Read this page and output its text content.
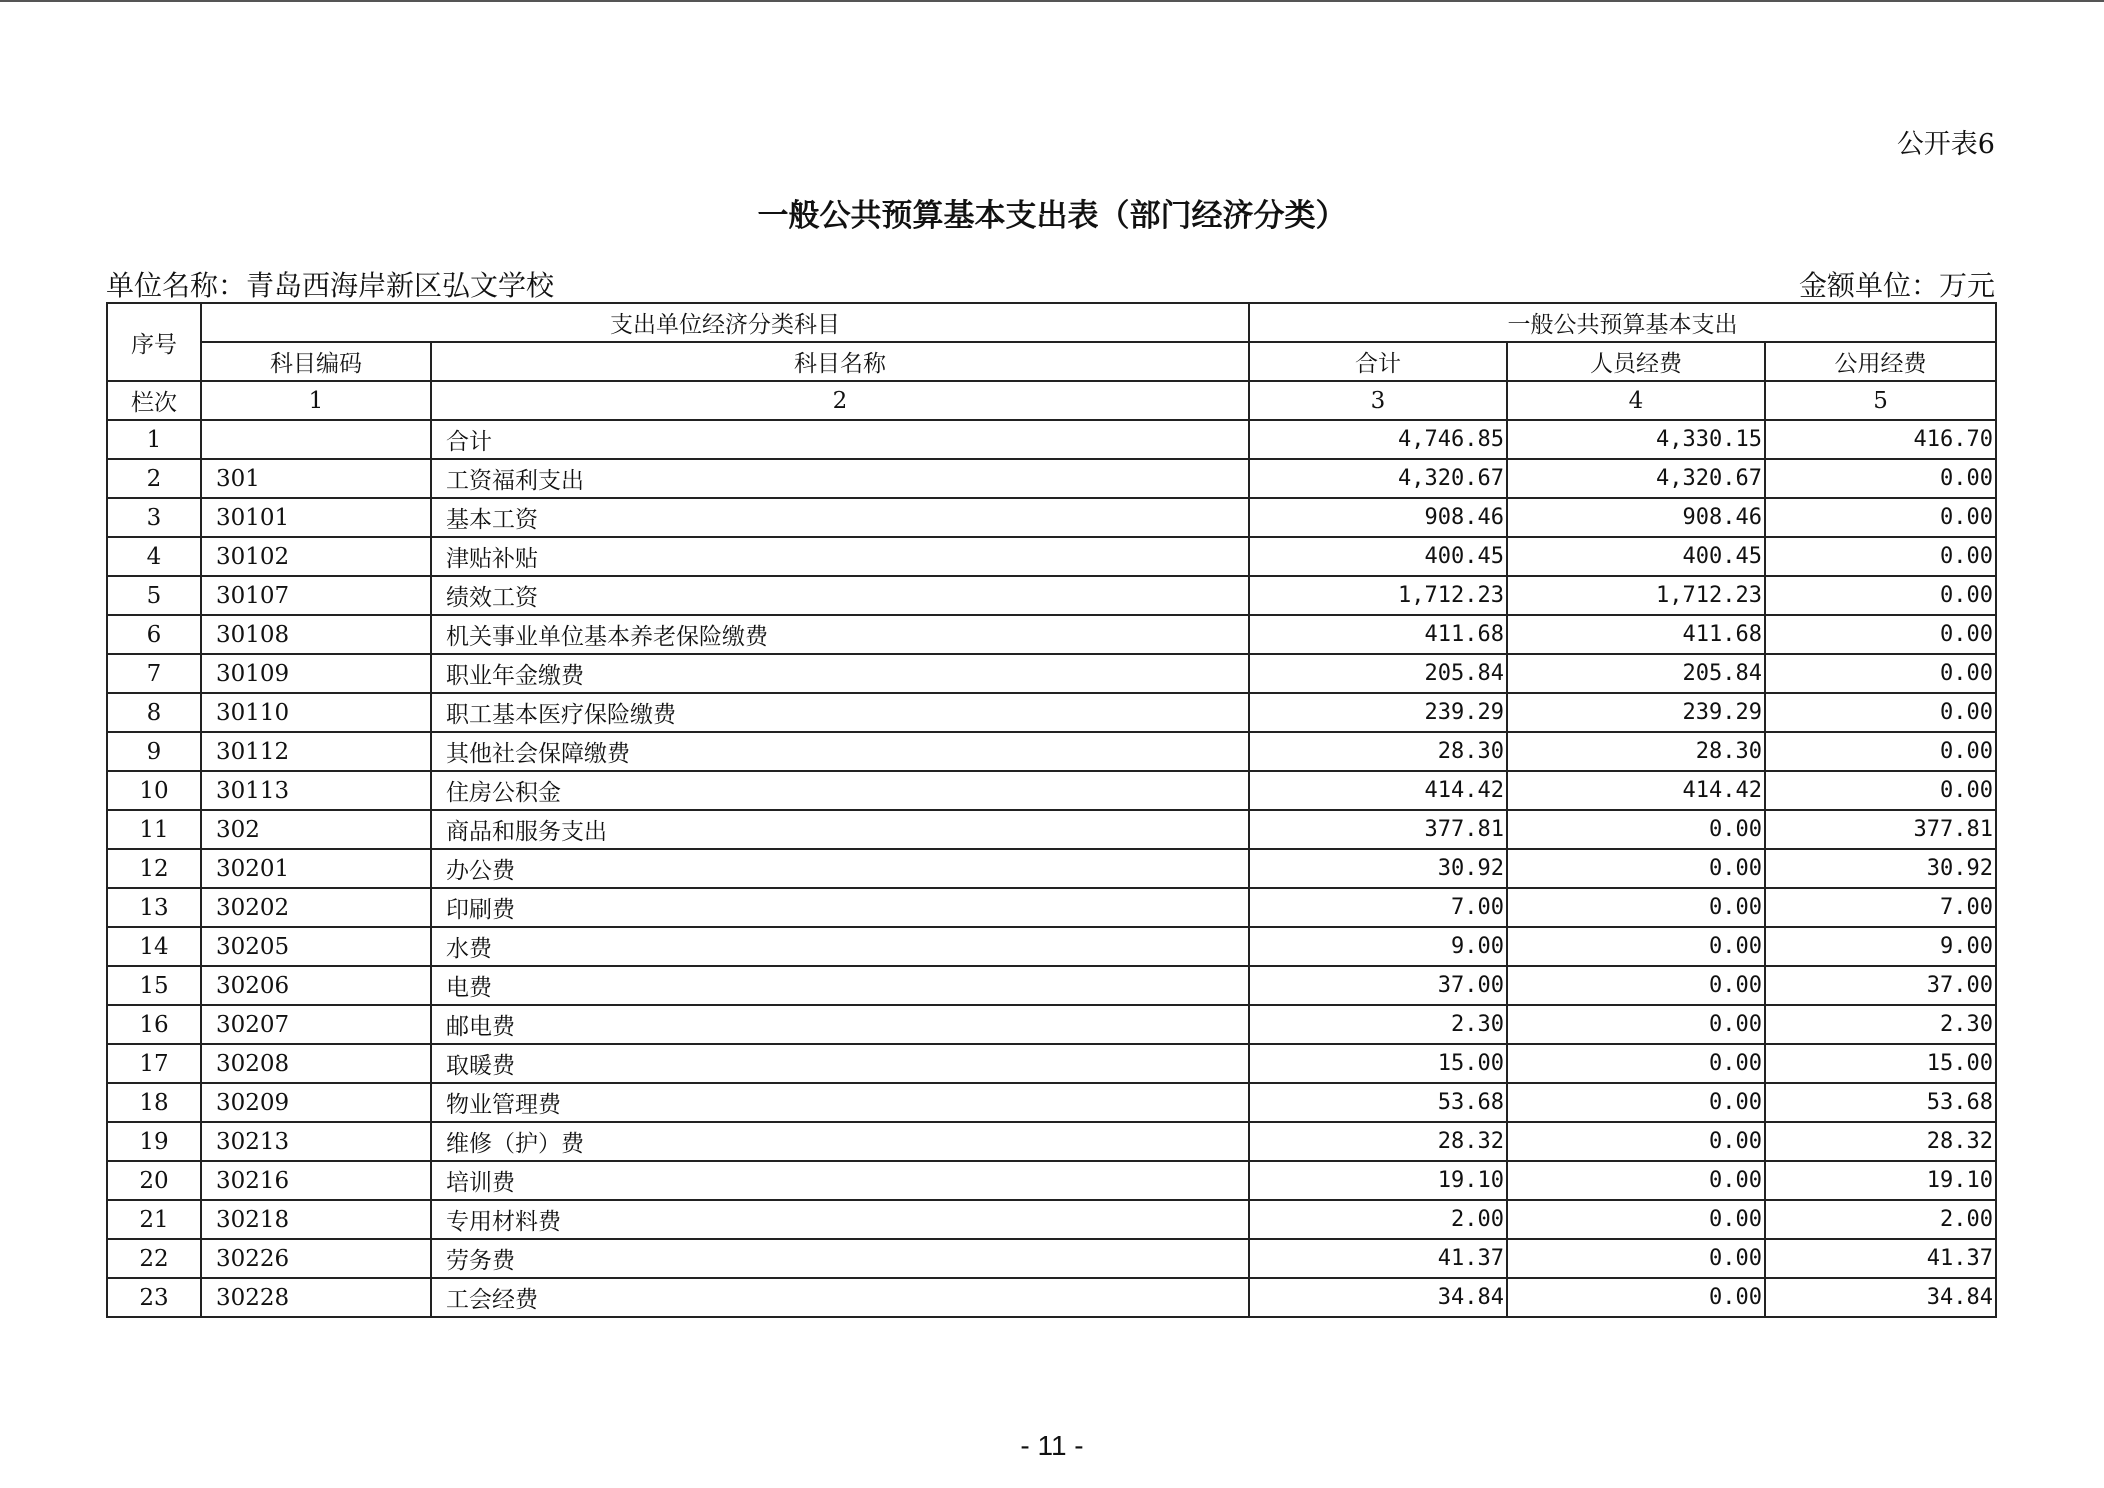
公开表6
一般公共预算基本支出表（部门经济分类）
单位名称：青岛西海岸新区弘文学校	金额单位：万元
序号	支出单位经济分类科目		一般公共预算基本支出		
	科目编码	科目名称	合计	人员经费	公用经费
栏次	1	2	3	4	5
1		合计	4,746.85	4,330.15	416.70
2	301	工资福利支出	4,320.67	4,320.67	0.00
3	30101	基本工资	908.46	908.46	0.00
4	30102	津贴补贴	400.45	400.45	0.00
5	30107	绩效工资	1,712.23	1,712.23	0.00
6	30108	机关事业单位基本养老保险缴费	411.68	411.68	0.00
7	30109	职业年金缴费	205.84	205.84	0.00
8	30110	职工基本医疗保险缴费	239.29	239.29	0.00
9	30112	其他社会保障缴费	28.30	28.30	0.00
10	30113	住房公积金	414.42	414.42	0.00
11	302	商品和服务支出	377.81	0.00	377.81
12	30201	办公费	30.92	0.00	30.92
13	30202	印刷费	7.00	0.00	7.00
14	30205	水费	9.00	0.00	9.00
15	30206	电费	37.00	0.00	37.00
16	30207	邮电费	2.30	0.00	2.30
17	30208	取暖费	15.00	0.00	15.00
18	30209	物业管理费	53.68	0.00	53.68
19	30213	维修（护）费	28.32	0.00	28.32
20	30216	培训费	19.10	0.00	19.10
21	30218	专用材料费	2.00	0.00	2.00
22	30226	劳务费	41.37	0.00	41.37
23	30228	工会经费	34.84	0.00	34.84
- 11 -
